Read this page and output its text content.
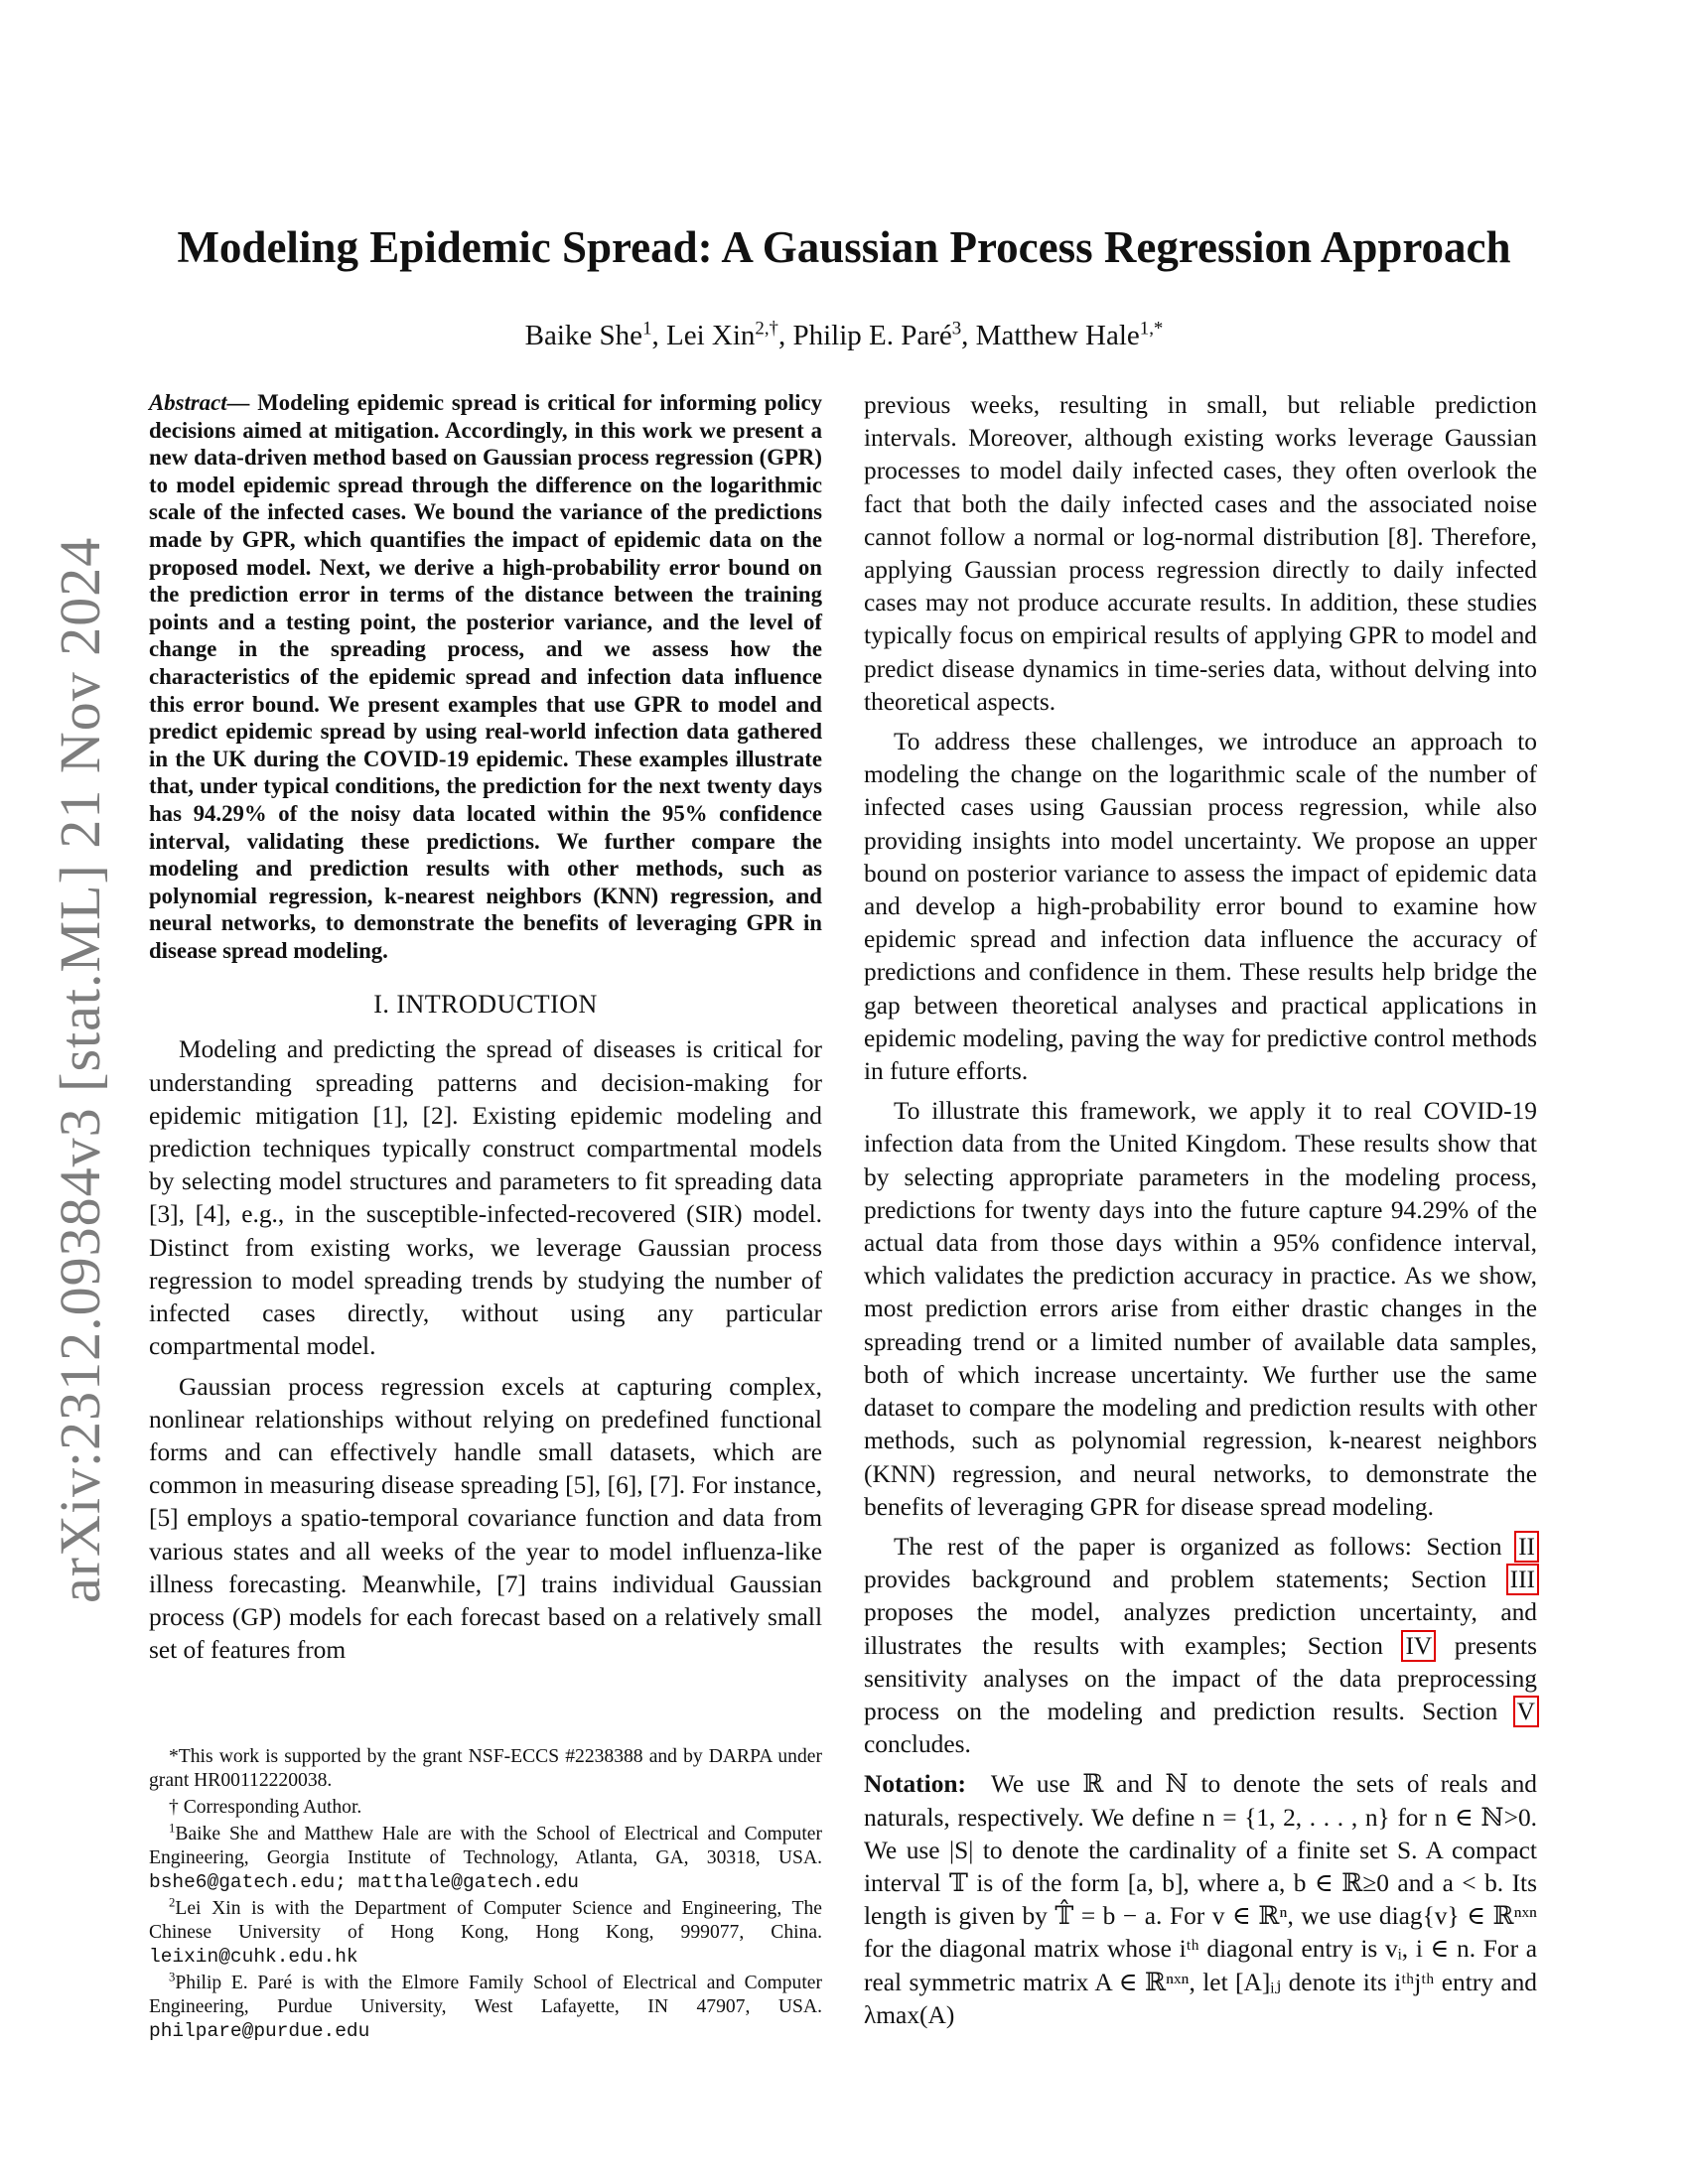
arXiv:2312.09384v3 [stat.ML] 21 Nov 2024
Modeling Epidemic Spread: A Gaussian Process Regression Approach
Baike She$^1$, Lei Xin$^{2,\dagger}$, Philip E. Paré$^3$, Matthew Hale$^{1,*}$

Abstract— Modeling epidemic spread is critical for informing policy decisions aimed at mitigation. Accordingly, in this work we present a new data-driven method based on Gaussian process regression (GPR) to model epidemic spread through the difference on the logarithmic scale of the infected cases. We bound the variance of the predictions made by GPR, which quantifies the impact of epidemic data on the proposed model. Next, we derive a high-probability error bound on the prediction error in terms of the distance between the training points and a testing point, the posterior variance, and the level of change in the spreading process, and we assess how the characteristics of the epidemic spread and infection data influence this error bound. We present examples that use GPR to model and predict epidemic spread by using real-world infection data gathered in the UK during the COVID-19 epidemic. These examples illustrate that, under typical conditions, the prediction for the next twenty days has 94.29% of the noisy data located within the 95% confidence interval, validating these predictions. We further compare the modeling and prediction results with other methods, such as polynomial regression, k-nearest neighbors (KNN) regression, and neural networks, to demonstrate the benefits of leveraging GPR in disease spread modeling.

I. INTRODUCTION

Modeling and predicting the spread of diseases is critical for understanding spreading patterns and decision-making for epidemic mitigation [1], [2]. Existing epidemic modeling and prediction techniques typically construct compartmental models by selecting model structures and parameters to fit spreading data [3], [4], e.g., in the susceptible-infected-recovered (SIR) model. Distinct from existing works, we leverage Gaussian process regression to model spreading trends by studying the number of infected cases directly, without using any particular compartmental model.

Gaussian process regression excels at capturing complex, nonlinear relationships without relying on predefined functional forms and can effectively handle small datasets, which are common in measuring disease spreading [5], [6], [7]. For instance, [5] employs a spatio-temporal covariance function and data from various states and all weeks of the year to model influenza-like illness forecasting. Meanwhile, [7] trains individual Gaussian process (GP) models for each forecast based on a relatively small set of features from

*This work is supported by the grant NSF-ECCS #2238388 and by DARPA under grant HR00112220038.

† Corresponding Author.

$^1$Baike She and Matthew Hale are with the School of Electrical and Computer Engineering, Georgia Institute of Technology, Atlanta, GA, 30318, USA. bshe6@gatech.edu; matthale@gatech.edu

$^2$Lei Xin is with the Department of Computer Science and Engineering, The Chinese University of Hong Kong, Hong Kong, 999077, China. leixin@cuhk.edu.hk

$^3$Philip E. Paré is with the Elmore Family School of Electrical and Computer Engineering, Purdue University, West Lafayette, IN 47907, USA. philpare@purdue.edu

previous weeks, resulting in small, but reliable prediction intervals. Moreover, although existing works leverage Gaussian processes to model daily infected cases, they often overlook the fact that both the daily infected cases and the associated noise cannot follow a normal or log-normal distribution [8]. Therefore, applying Gaussian process regression directly to daily infected cases may not produce accurate results. In addition, these studies typically focus on empirical results of applying GPR to model and predict disease dynamics in time-series data, without delving into theoretical aspects.

To address these challenges, we introduce an approach to modeling the change on the logarithmic scale of the number of infected cases using Gaussian process regression, while also providing insights into model uncertainty. We propose an upper bound on posterior variance to assess the impact of epidemic data and develop a high-probability error bound to examine how epidemic spread and infection data influence the accuracy of predictions and confidence in them. These results help bridge the gap between theoretical analyses and practical applications in epidemic modeling, paving the way for predictive control methods in future efforts.

To illustrate this framework, we apply it to real COVID-19 infection data from the United Kingdom. These results show that by selecting appropriate parameters in the modeling process, predictions for twenty days into the future capture 94.29% of the actual data from those days within a 95% confidence interval, which validates the prediction accuracy in practice. As we show, most prediction errors arise from either drastic changes in the spreading trend or a limited number of available data samples, both of which increase uncertainty. We further use the same dataset to compare the modeling and prediction results with other methods, such as polynomial regression, k-nearest neighbors (KNN) regression, and neural networks, to demonstrate the benefits of leveraging GPR for disease spread modeling.

The rest of the paper is organized as follows: Section II provides background and problem statements; Section III proposes the model, analyzes prediction uncertainty, and illustrates the results with examples; Section IV presents sensitivity analyses on the impact of the data preprocessing process on the modeling and prediction results. Section V concludes.

Notation: We use ℝ and ℕ to denote the sets of reals and naturals, respectively. We define n = {1, 2, . . . , n} for n ∈ ℕ>0. We use |S| to denote the cardinality of a finite set S. A compact interval 𝕋 is of the form [a, b], where a, b ∈ ℝ≥0 and a < b. Its length is given by 𝕋̂ = b − a. For v ∈ ℝⁿ, we use diag{v} ∈ ℝⁿˣⁿ for the diagonal matrix whose iᵗʰ diagonal entry is vᵢ, i ∈ n. For a real symmetric matrix A ∈ ℝⁿˣⁿ, let [A]ᵢⱼ denote its iᵗʰjᵗʰ entry and λmax(A)
